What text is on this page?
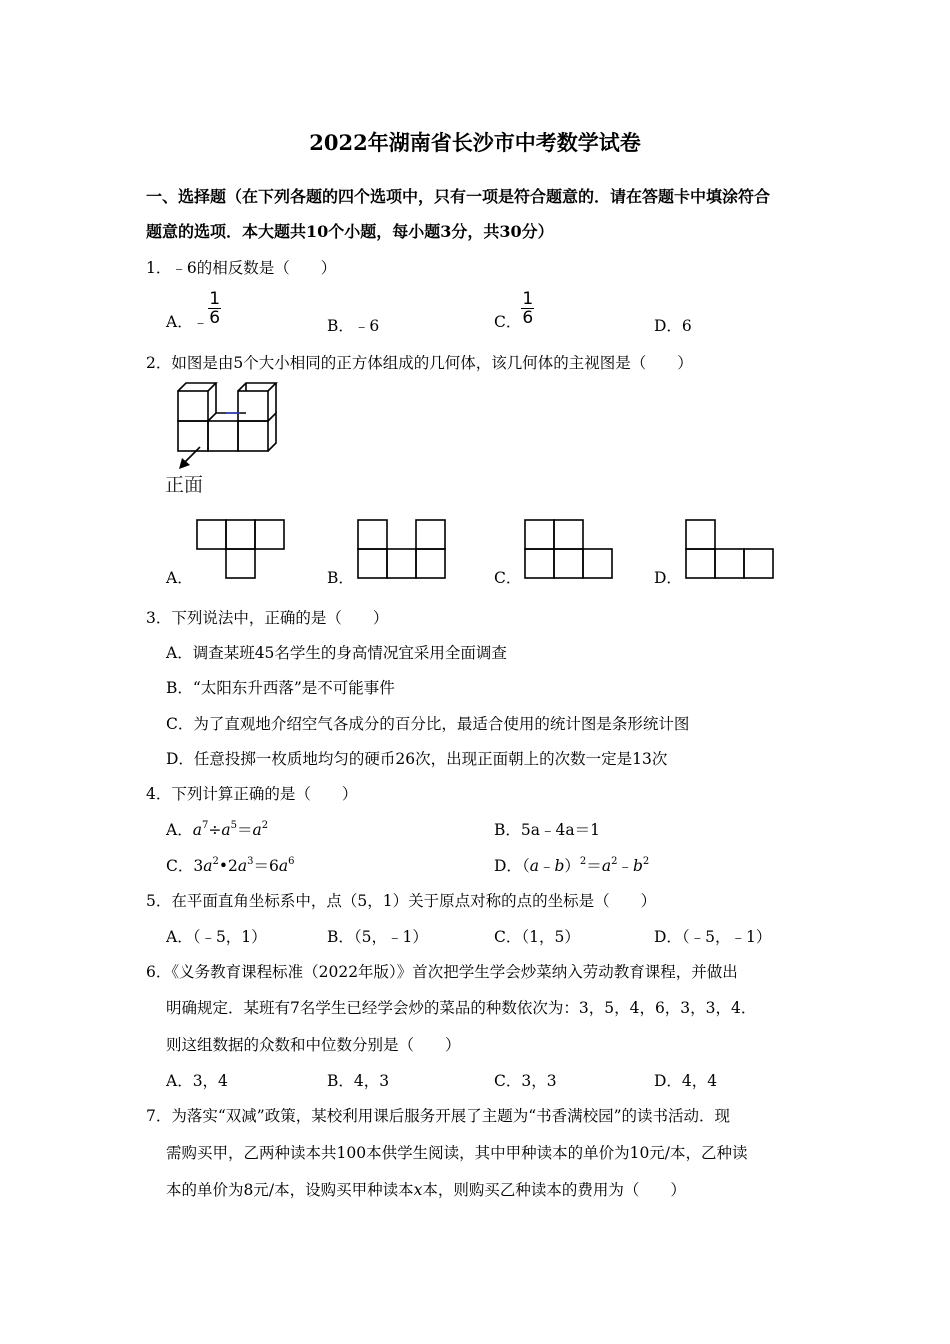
2022年湖南省长沙市中考数学试卷
一、选择题（在下列各题的四个选项中，只有一项是符合题意的．请在答题卡中填涂符合
题意的选项．本大题共10个小题，每小题3分，共30分）
1．﹣6的相反数是（　　）
A．﹣ $\frac{1}{6}$	B．﹣6	C． $\frac{1}{6}$	D．6
2．如图是由5个大小相同的正方体组成的几何体，该几何体的主视图是（　　）
正面
A．	B．	C．	D．
3．下列说法中，正确的是（　　）
A．调查某班45名学生的身高情况宜采用全面调查
B．“太阳东升西落”是不可能事件
C．为了直观地介绍空气各成分的百分比，最适合使用的统计图是条形统计图
D．任意投掷一枚质地均匀的硬币26次，出现正面朝上的次数一定是13次
4．下列计算正确的是（　　）
A．$a^7\div a^5=a^2$	B．5a﹣4a＝1
C．$3a^2•2a^3=6a^6$	D．$(a﹣b)^2=a^2﹣b^2$
5．在平面直角坐标系中，点（5，1）关于原点对称的点的坐标是（　　）
A．（﹣5，1）	B．（5，﹣1）	C．（1，5）	D．（﹣5，﹣1）
6．《义务教育课程标准（2022年版）》首次把学生学会炒菜纳入劳动教育课程，并做出
明确规定．某班有7名学生已经学会炒的菜品的种数依次为：3，5，4，6，3，3，4．
则这组数据的众数和中位数分别是（　　）
A．3，4	B．4，3	C．3，3	D．4，4
7．为落实“双减”政策，某校利用课后服务开展了主题为“书香满校园”的读书活动．现
需购买甲，乙两种读本共100本供学生阅读，其中甲种读本的单价为10元/本，乙种读
本的单价为8元/本，设购买甲种读本x本，则购买乙种读本的费用为（　　）
